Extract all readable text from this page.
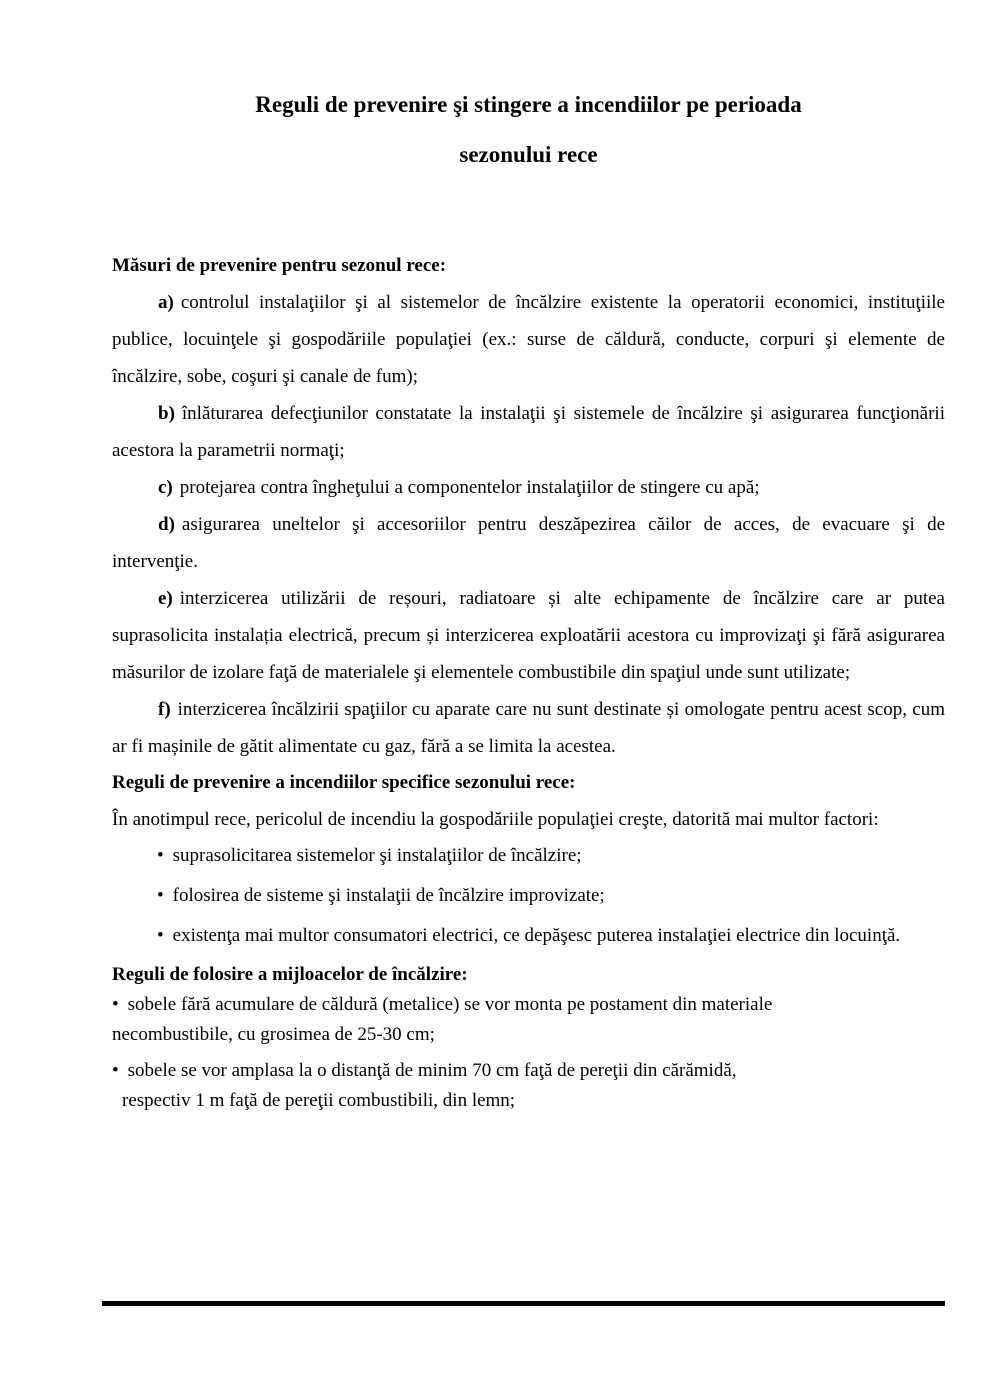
Reguli de prevenire şi stingere a incendiilor pe perioada
sezonului rece
Măsuri de prevenire pentru sezonul rece:

a) controlul instalaţiilor şi al sistemelor de încălzire existente la operatorii economici, instituţiile publice, locuinţele şi gospodăriile populaţiei (ex.: surse de căldură, conducte, corpuri şi elemente de încălzire, sobe, coşuri şi canale de fum);

b) înlăturarea defecţiunilor constatate la instalaţii şi sistemele de încălzire şi asigurarea funcţionării acestora la parametrii normaţi;

c) protejarea contra îngheţului a componentelor instalaţiilor de stingere cu apă;

d) asigurarea uneltelor şi accesoriilor pentru deszăpezirea căilor de acces, de evacuare şi de intervenţie.

e) interzicerea utilizării de reșouri, radiatoare și alte echipamente de încălzire care ar putea suprasolicita instalația electrică, precum și interzicerea exploatării acestora cu improvizaţi şi fără asigurarea măsurilor de izolare faţă de materialele şi elementele combustibile din spaţiul unde sunt utilizate;

f) interzicerea încălzirii spaţiilor cu aparate care nu sunt destinate și omologate pentru acest scop, cum ar fi mașinile de gătit alimentate cu gaz, fără a se limita la acestea.

Reguli de prevenire a incendiilor specifice sezonului rece:

În anotimpul rece, pericolul de incendiu la gospodăriile populaţiei creşte, datorită mai multor factori:

• suprasolicitarea sistemelor şi instalaţiilor de încălzire;

• folosirea de sisteme şi instalaţii de încălzire improvizate;

• existenţa mai multor consumatori electrici, ce depăşesc puterea instalaţiei electrice din locuinţă.

Reguli de folosire a mijloacelor de încălzire:

• sobele fără acumulare de căldură (metalice) se vor monta pe postament din materiale
necombustibile, cu grosimea de 25-30 cm;

• sobele se vor amplasa la o distanţă de minim 70 cm faţă de pereţii din cărămidă,
respectiv 1 m faţă de pereţii combustibili, din lemn;
